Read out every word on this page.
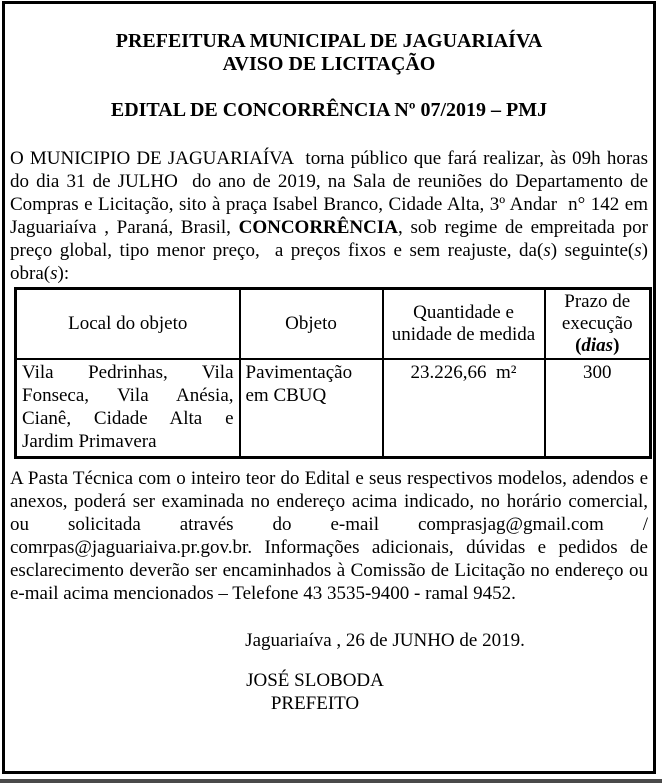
PREFEITURA MUNICIPAL DE JAGUARIAÍVA
AVISO DE LICITAÇÃO
EDITAL DE CONCORRÊNCIA Nº 07/2019 – PMJ

O MUNICIPIO DE JAGUARIAÍVA  torna público que fará realizar, às 09h horas do dia 31 de JULHO  do ano de 2019, na Sala de reuniões do Departamento de Compras e Licitação, sito à praça Isabel Branco, Cidade Alta, 3º Andar  n° 142 em Jaguariaíva , Paraná, Brasil, CONCORRÊNCIA, sob regime de empreitada por preço global, tipo menor preço,  a preços fixos e sem reajuste, da(s) seguinte(s) obra(s):

Local do objeto	Objeto	Quantidade e unidade de medida	Prazo de execução (dias)
Vila Pedrinhas, Vila Fonseca, Vila Anésia, Cianê, Cidade Alta e Jardim Primavera	Pavimentação em CBUQ	23.226,66  m²	300

A Pasta Técnica com o inteiro teor do Edital e seus respectivos modelos, adendos e anexos, poderá ser examinada no endereço acima indicado, no horário comercial, ou solicitada através do e-mail comprasjag@gmail.com / comrpas@jaguariaiva.pr.gov.br. Informações adicionais, dúvidas e pedidos de esclarecimento deverão ser encaminhados à Comissão de Licitação no endereço ou e-mail acima mencionados – Telefone 43 3535-9400 - ramal 9452.

Jaguariaíva , 26 de JUNHO de 2019.
JOSÉ SLOBODA
PREFEITO
